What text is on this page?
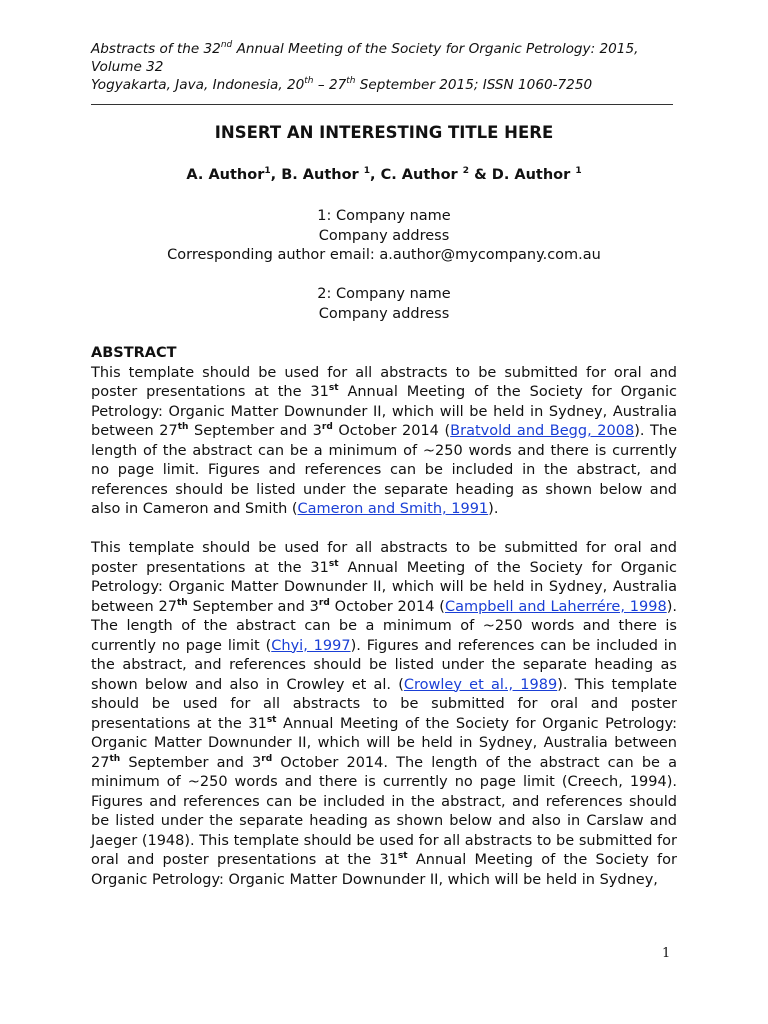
Abstracts of the 32nd Annual Meeting of the Society for Organic Petrology: 2015,
Volume 32
Yogyakarta, Java, Indonesia, 20th – 27th September 2015; ISSN 1060-7250
INSERT AN INTERESTING TITLE HERE
A. Author$^1$, B. Author $^1$, C. Author $^2$ & D. Author $^1$
1: Company name
Company address
Corresponding author email: a.author@mycompany.com.au
2: Company name
Company address
ABSTRACT

This template should be used for all abstracts to be submitted for oral and poster presentations at the 31st Annual Meeting of the Society for Organic Petrology: Organic Matter Downunder II, which will be held in Sydney, Australia between 27th September and 3rd October 2014 (Bratvold and Begg, 2008). The length of the abstract can be a minimum of ~250 words and there is currently no page limit. Figures and references can be included in the abstract, and references should be listed under the separate heading as shown below and also in Cameron and Smith (Cameron and Smith, 1991).

This template should be used for all abstracts to be submitted for oral and poster presentations at the 31st Annual Meeting of the Society for Organic Petrology: Organic Matter Downunder II, which will be held in Sydney, Australia between 27th September and 3rd October 2014 (Campbell and Laherrére, 1998). The length of the abstract can be a minimum of ~250 words and there is currently no page limit (Chyi, 1997). Figures and references can be included in the abstract, and references should be listed under the separate heading as shown below and also in Crowley et al. (Crowley et al., 1989). This template should be used for all abstracts to be submitted for oral and poster presentations at the 31st Annual Meeting of the Society for Organic Petrology: Organic Matter Downunder II, which will be held in Sydney, Australia between 27th September and 3rd October 2014. The length of the abstract can be a minimum of ~250 words and there is currently no page limit (Creech, 1994). Figures and references can be included in the abstract, and references should be listed under the separate heading as shown below and also in Carslaw and Jaeger (1948). This template should be used for all abstracts to be submitted for oral and poster presentations at the 31st Annual Meeting of the Society for Organic Petrology: Organic Matter Downunder II, which will be held in Sydney,

1
